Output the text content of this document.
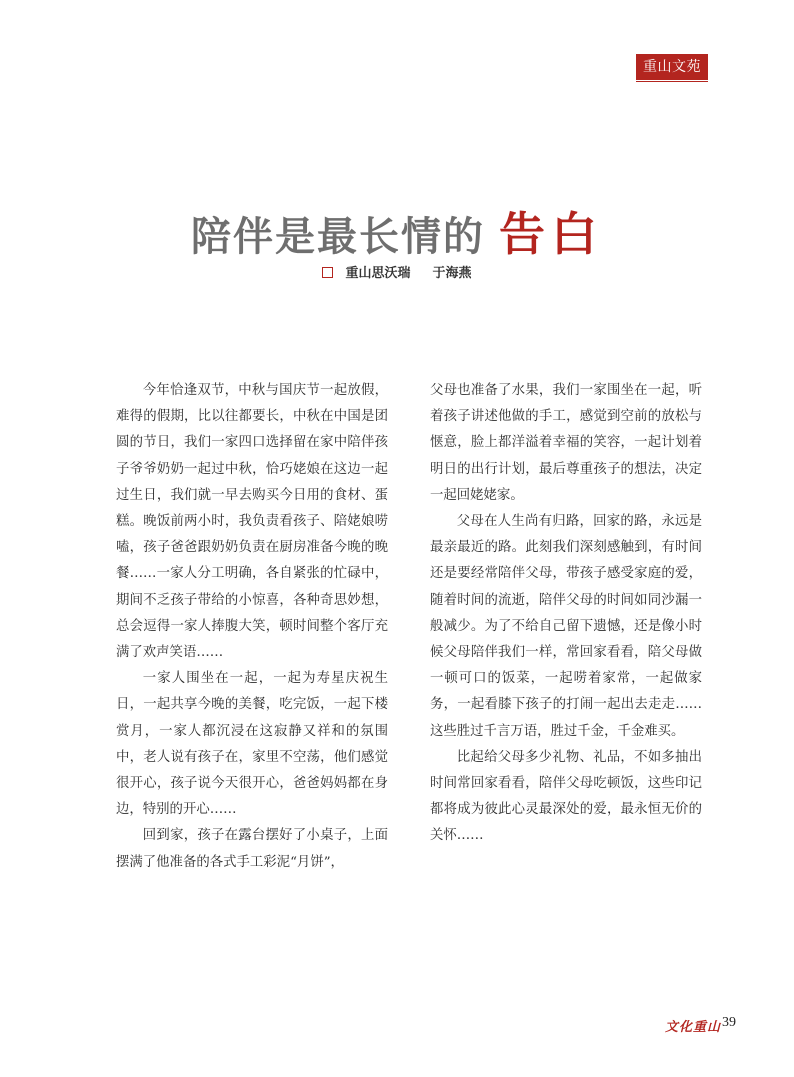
重山文苑
陪伴是最长情的 告白
重山思沃瑞 于海燕

今年恰逢双节，中秋与国庆节一起放假，难得的假期，比以往都要长，中秋在中国是团圆的节日，我们一家四口选择留在家中陪伴孩子爷爷奶奶一起过中秋，恰巧姥娘在这边一起过生日，我们就一早去购买今日用的食材、蛋糕。晚饭前两小时，我负责看孩子、陪姥娘唠嗑，孩子爸爸跟奶奶负责在厨房准备今晚的晚餐……一家人分工明确，各自紧张的忙碌中，期间不乏孩子带给的小惊喜，各种奇思妙想，总会逗得一家人捧腹大笑，顿时间整个客厅充满了欢声笑语……

一家人围坐在一起，一起为寿星庆祝生日，一起共享今晚的美餐，吃完饭，一起下楼赏月，一家人都沉浸在这寂静又祥和的氛围中，老人说有孩子在，家里不空荡，他们感觉很开心，孩子说今天很开心，爸爸妈妈都在身边，特别的开心……

回到家，孩子在露台摆好了小桌子，上面摆满了他准备的各式手工彩泥“月饼”，

父母也准备了水果，我们一家围坐在一起，听着孩子讲述他做的手工，感觉到空前的放松与惬意，脸上都洋溢着幸福的笑容，一起计划着明日的出行计划，最后尊重孩子的想法，决定一起回姥姥家。

父母在人生尚有归路，回家的路，永远是最亲最近的路。此刻我们深刻感触到，有时间还是要经常陪伴父母，带孩子感受家庭的爱，随着时间的流逝，陪伴父母的时间如同沙漏一般减少。为了不给自己留下遗憾，还是像小时候父母陪伴我们一样，常回家看看，陪父母做一顿可口的饭菜，一起唠着家常，一起做家务，一起看膝下孩子的打闹一起出去走走……这些胜过千言万语，胜过千金，千金难买。

比起给父母多少礼物、礼品，不如多抽出时间常回家看看，陪伴父母吃顿饭，这些印记都将成为彼此心灵最深处的爱，最永恒无价的关怀……

文化重山 39
